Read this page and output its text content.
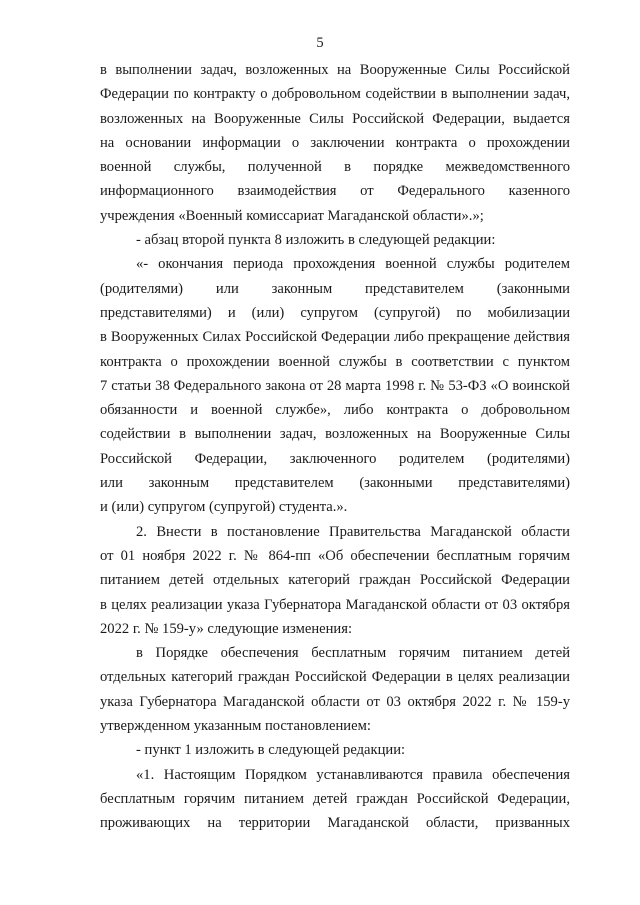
5
в выполнении задач, возложенных на Вооруженные Силы Российской
Федерации по контракту о добровольном содействии в выполнении задач,
возложенных на Вооруженные Силы Российской Федерации, выдается
на основании информации о заключении контракта о прохождении
военной службы, полученной в порядке межведомственного
информационного взаимодействия от Федерального казенного
учреждения «Военный комиссариат Магаданской области».»;
- абзац второй пункта 8 изложить в следующей редакции:
«- окончания периода прохождения военной службы родителем
(родителями) или законным представителем (законными
представителями) и (или) супругом (супругой) по мобилизации
в Вооруженных Силах Российской Федерации либо прекращение действия
контракта о прохождении военной службы в соответствии с пунктом
7 статьи 38 Федерального закона от 28 марта 1998 г. № 53-ФЗ «О воинской
обязанности и военной службе», либо контракта о добровольном
содействии в выполнении задач, возложенных на Вооруженные Силы
Российской Федерации, заключенного родителем (родителями)
или законным представителем (законными представителями)
и (или) супругом (супругой) студента.».
2. Внести в постановление Правительства Магаданской области
от 01 ноября 2022 г. № 864-пп «Об обеспечении бесплатным горячим
питанием детей отдельных категорий граждан Российской Федерации
в целях реализации указа Губернатора Магаданской области от 03 октября
2022 г. № 159-у» следующие изменения:
в Порядке обеспечения бесплатным горячим питанием детей
отдельных категорий граждан Российской Федерации в целях реализации
указа Губернатора Магаданской области от 03 октября 2022 г. № 159-у
утвержденном указанным постановлением:
- пункт 1 изложить в следующей редакции:
«1. Настоящим Порядком устанавливаются правила обеспечения
бесплатным горячим питанием детей граждан Российской Федерации,
проживающих на территории Магаданской области, призванных
